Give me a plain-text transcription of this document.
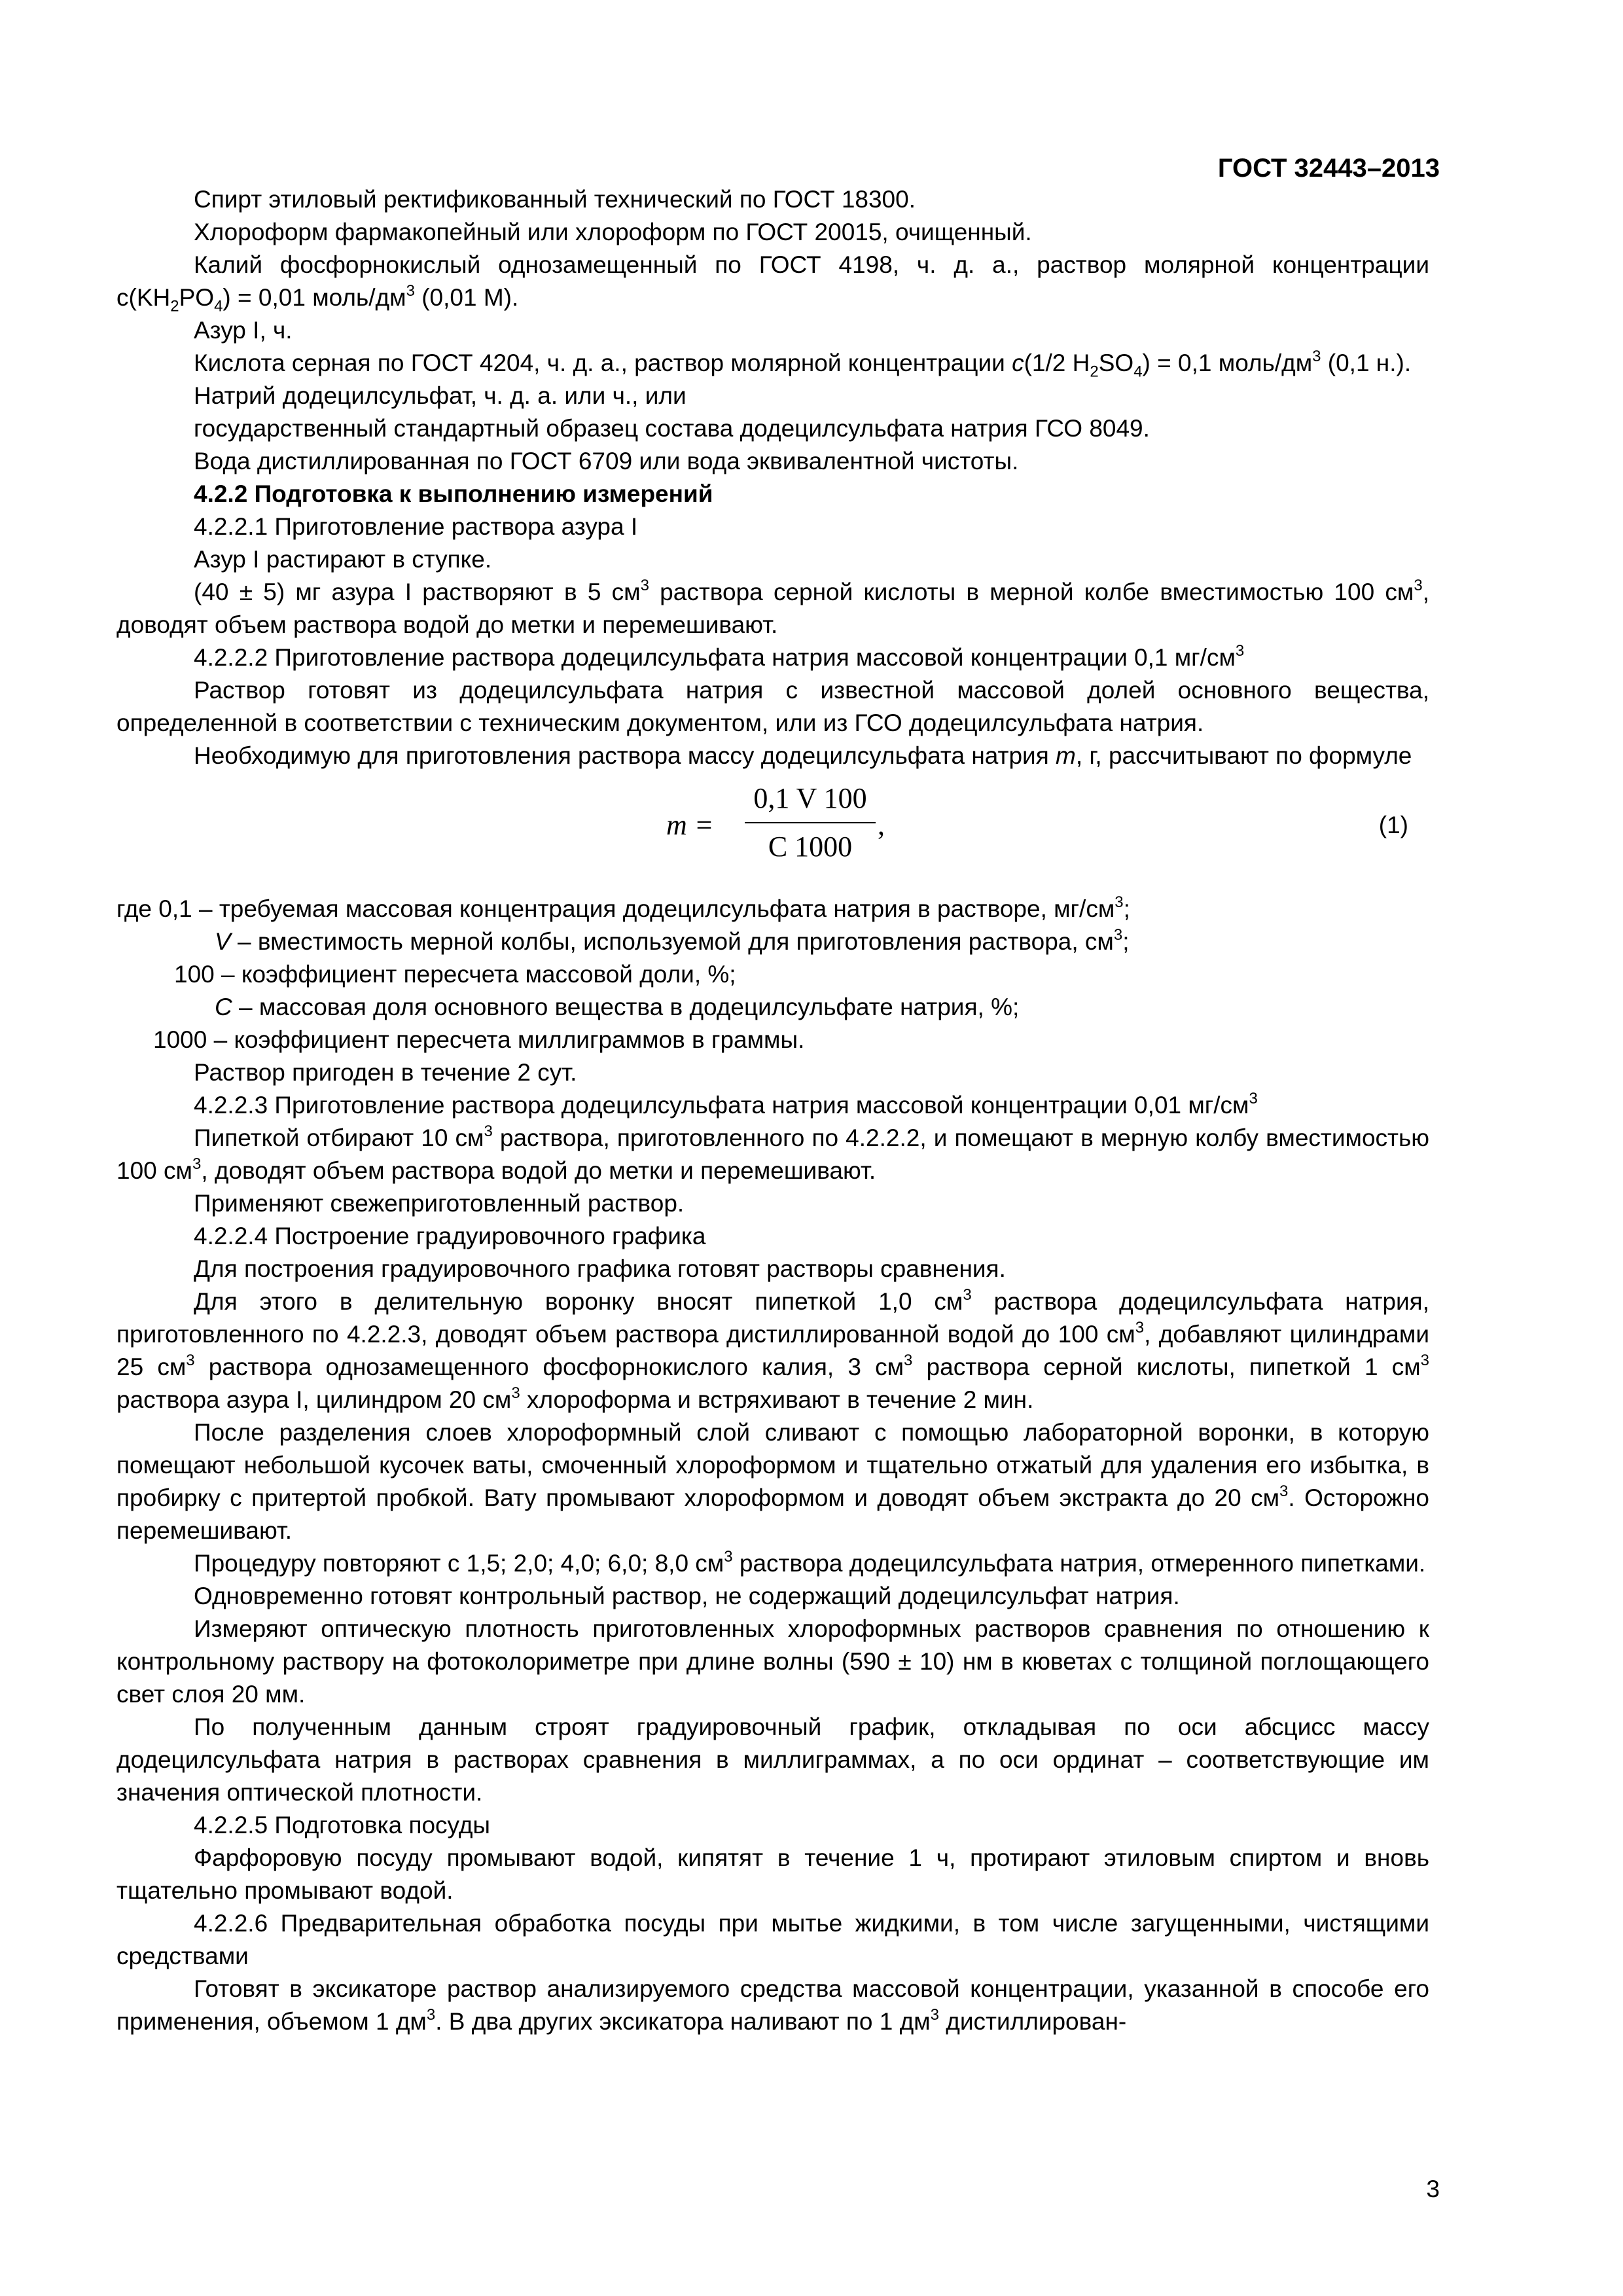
ГОСТ 32443–2013

Спирт этиловый ректификованный технический по ГОСТ 18300.

Хлороформ фармакопейный или хлороформ по ГОСТ 20015, очищенный.

Калий фосфорнокислый однозамещенный по ГОСТ 4198, ч. д. а., раствор молярной концентрации $с(KH_2PO_4) = 0,01$ моль/$дм^3$ (0,01 М).

Азур I, ч.

Кислота серная по ГОСТ 4204, ч. д. а., раствор молярной концентрации с(1/2 $H_2SO_4) = 0,1$ моль/$дм^3$ (0,1 н.).

Натрий додецилсульфат, ч. д. а. или ч., или

государственный стандартный образец состава додецилсульфата натрия ГСО 8049.

Вода дистиллированная по ГОСТ 6709 или вода эквивалентной чистоты.

4.2.2 Подготовка к выполнению измерений

4.2.2.1 Приготовление раствора азура I

Азур I растирают в ступке.

(40 ± 5) мг азура I растворяют в 5 $см^3$ раствора серной кислоты в мерной колбе вместимостью 100 $см^3$, доводят объем раствора водой до метки и перемешивают.

4.2.2.2 Приготовление раствора додецилсульфата натрия массовой концентрации 0,1 $мг/см^3$

Раствор готовят из додецилсульфата натрия с известной массовой долей основного вещества, определенной в соответствии с техническим документом, или из ГСО додецилсульфата натрия.

Необходимую для приготовления раствора массу додецилсульфата натрия m, г, рассчитывают по формуле

m =
0,1 V 100
C 1000
,	(1)
где 0,1 – требуемая массовая концентрация додецилсульфата натрия в растворе, $мг/см^3$;
V – вместимость мерной колбы, используемой для приготовления раствора, $см^3$;
100 – коэффициент пересчета массовой доли, %;
C – массовая доля основного вещества в додецилсульфате натрия, %;
1000 – коэффициент пересчета миллиграммов в граммы.

Раствор пригоден в течение 2 сут.

4.2.2.3 Приготовление раствора додецилсульфата натрия массовой концентрации 0,01 $мг/см^3$

Пипеткой отбирают 10 $см^3$ раствора, приготовленного по 4.2.2.2, и помещают в мерную колбу вместимостью 100 $см^3$, доводят объем раствора водой до метки и перемешивают.

Применяют свежеприготовленный раствор.

4.2.2.4 Построение градуировочного графика

Для построения градуировочного графика готовят растворы сравнения.

Для этого в делительную воронку вносят пипеткой 1,0 $см^3$ раствора додецилсульфата натрия, приготовленного по 4.2.2.3, доводят объем раствора дистиллированной водой до 100 $см^3$, добавляют цилиндрами 25 $см^3$ раствора однозамещенного фосфорнокислого калия, 3 $см^3$ раствора серной кислоты, пипеткой 1 $см^3$ раствора азура I, цилиндром 20 $см^3$ хлороформа и встряхивают в течение 2 мин.

После разделения слоев хлороформный слой сливают с помощью лабораторной воронки, в которую помещают небольшой кусочек ваты, смоченный хлороформом и тщательно отжатый для удаления его избытка, в пробирку с притертой пробкой. Вату промывают хлороформом и доводят объем экстракта до 20 $см^3$. Осторожно перемешивают.

Процедуру повторяют с 1,5; 2,0; 4,0; 6,0; 8,0 $см^3$ раствора додецилсульфата натрия, отмеренного пипетками.

Одновременно готовят контрольный раствор, не содержащий додецилсульфат натрия.

Измеряют оптическую плотность приготовленных хлороформных растворов сравнения по отношению к контрольному раствору на фотоколориметре при длине волны (590 ± 10) нм в кюветах с толщиной поглощающего свет слоя 20 мм.

По полученным данным строят градуировочный график, откладывая по оси абсцисс массу додецилсульфата натрия в растворах сравнения в миллиграммах, а по оси ординат – соответствующие им значения оптической плотности.

4.2.2.5 Подготовка посуды

Фарфоровую посуду промывают водой, кипятят в течение 1 ч, протирают этиловым спиртом и вновь тщательно промывают водой.

4.2.2.6 Предварительная обработка посуды при мытье жидкими, в том числе загущенными, чистящими средствами

Готовят в эксикаторе раствор анализируемого средства массовой концентрации, указанной в способе его применения, объемом 1 $дм^3$. В два других эксикатора наливают по 1 $дм^3$ дистиллирован-

3
